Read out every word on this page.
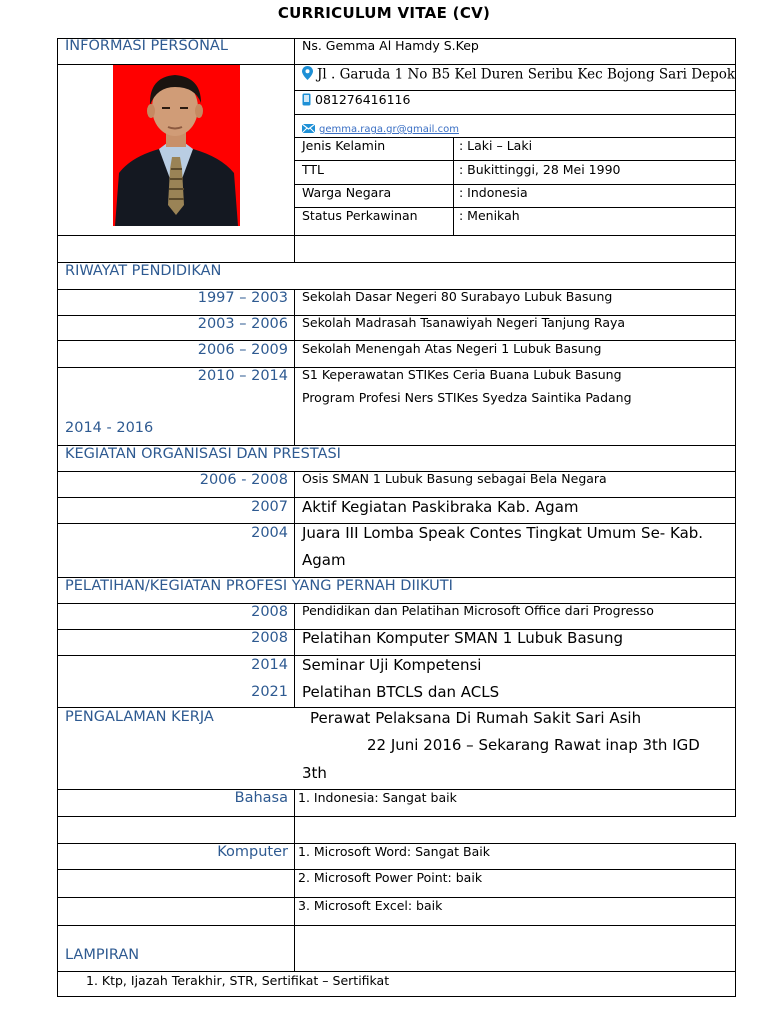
CURRICULUM VITAE (CV)
INFORMASI PERSONAL	Ns. Gemma Al Hamdy S.Kep
Jl . Garuda 1 No B5 Kel Duren Seribu Kec Bojong Sari Depok
081276416116
gemma.raga.gr@gmail.com
Jenis Kelamin	: Laki – Laki
TTL	: Bukittinggi, 28 Mei 1990
Warga Negara	: Indonesia
Status Perkawinan	: Menikah
RIWAYAT PENDIDIKAN
1997 – 2003 Sekolah Dasar Negeri 80 Surabayo Lubuk Basung
2003 – 2006 Sekolah Madrasah Tsanawiyah Negeri Tanjung Raya
2006 – 2009 Sekolah Menengah Atas Negeri 1 Lubuk Basung
2010 – 2014 S1 Keperawatan STIKes Ceria Buana Lubuk Basung
Program Profesi Ners STIKes Syedza Saintika Padang
2014 - 2016
KEGIATAN ORGANISASI DAN PRESTASI
2006 - 2008 Osis SMAN 1 Lubuk Basung sebagai Bela Negara
2007 Aktif Kegiatan Paskibraka Kab. Agam
2004 Juara III Lomba Speak Contes Tingkat Umum Se- Kab.
Agam
PELATIHAN/KEGIATAN PROFESI YANG PERNAH DIIKUTI
2008 Pendidikan dan Pelatihan Microsoft Office dari Progresso
2008 Pelatihan Komputer SMAN 1 Lubuk Basung
2014 Seminar Uji Kompetensi
2021 Pelatihan BTCLS dan ACLS
PENGALAMAN KERJA	Perawat Pelaksana Di Rumah Sakit Sari Asih
22 Juni 2016 – Sekarang Rawat inap 3th IGD
3th
Bahasa 1. Indonesia: Sangat baik
Komputer 1. Microsoft Word: Sangat Baik
2. Microsoft Power Point: baik
3. Microsoft Excel: baik
LAMPIRAN
1. Ktp, Ijazah Terakhir, STR, Sertifikat – Sertifikat
